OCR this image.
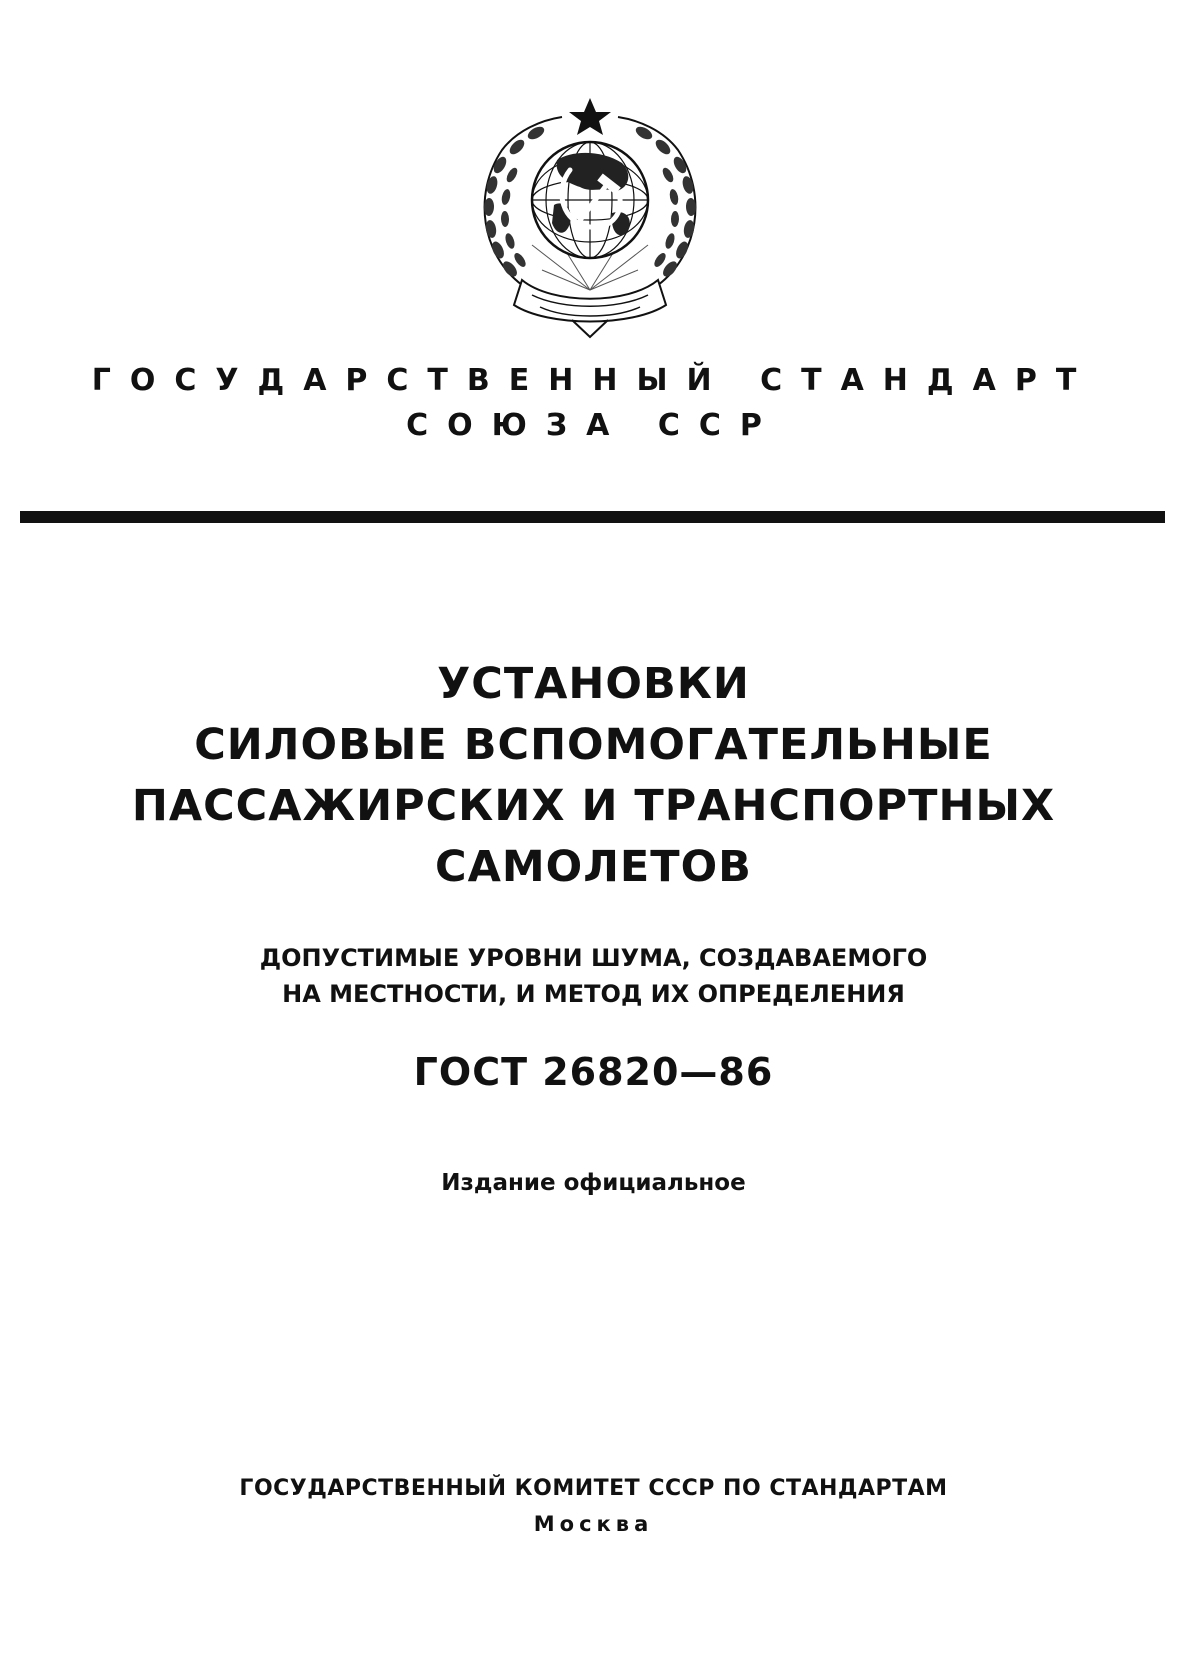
ГОСУДАРСТВЕННЫЙ СТАНДАРТ
СОЮЗА ССР
УСТАНОВКИ
СИЛОВЫЕ ВСПОМОГАТЕЛЬНЫЕ
ПАССАЖИРСКИХ И ТРАНСПОРТНЫХ
САМОЛЕТОВ
ДОПУСТИМЫЕ УРОВНИ ШУМА, СОЗДАВАЕМОГО
НА МЕСТНОСТИ, И МЕТОД ИХ ОПРЕДЕЛЕНИЯ
ГОСТ 26820—86
Издание официальное
ГОСУДАРСТВЕННЫЙ КОМИТЕТ СССР ПО СТАНДАРТАМ
Москва
